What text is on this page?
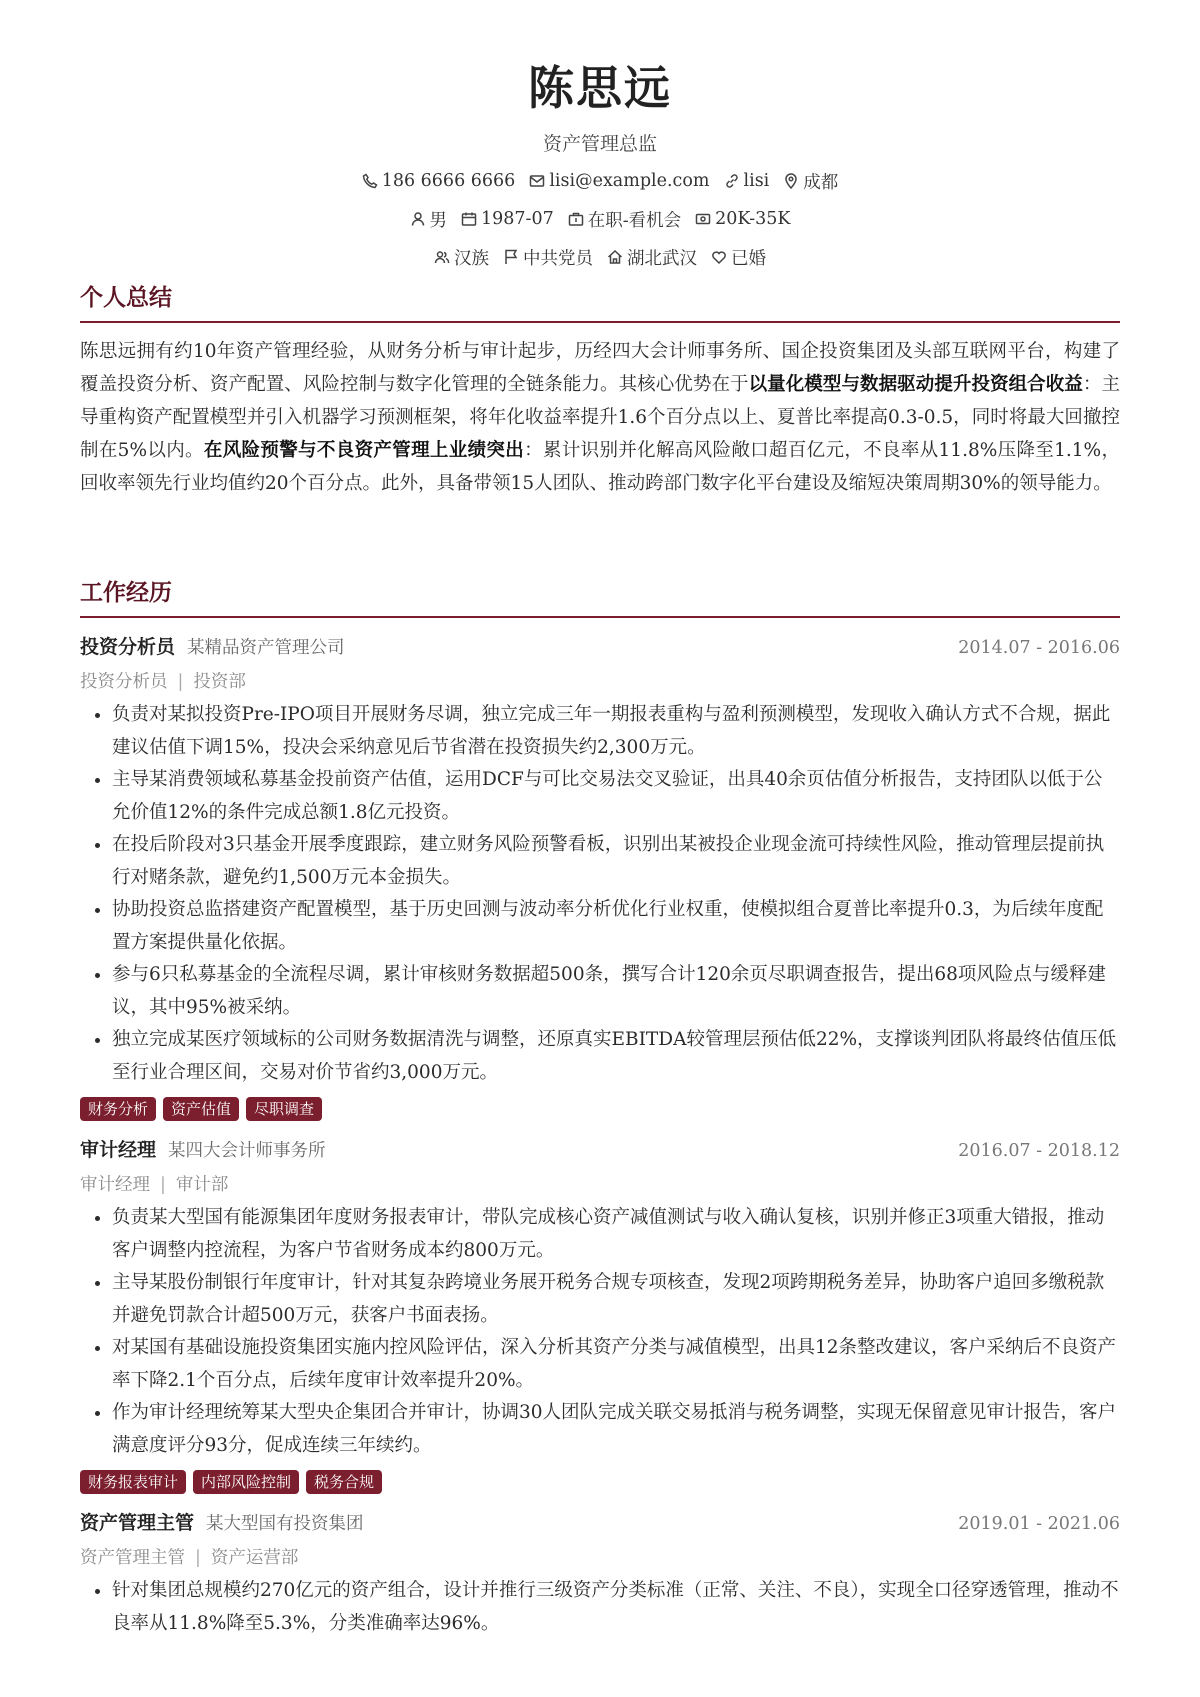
陈思远
资产管理总监
186 6666 6666 lisi@example.com lisi 成都
男 1987-07 在职-看机会 20K-35K
汉族 中共党员 湖北武汉 已婚
个人总结
陈思远拥有约10年资产管理经验，从财务分析与审计起步，历经四大会计师事务所、国企投资集团及头部互联网平台，构建了覆盖投资分析、资产配置、风险控制与数字化管理的全链条能力。其核心优势在于以量化模型与数据驱动提升投资组合收益：主导重构资产配置模型并引入机器学习预测框架，将年化收益率提升1.6个百分点以上、夏普比率提高0.3-0.5，同时将最大回撤控制在5%以内。在风险预警与不良资产管理上业绩突出：累计识别并化解高风险敞口超百亿元，不良率从11.8%压降至1.1%，回收率领先行业均值约20个百分点。此外，具备带领15人团队、推动跨部门数字化平台建设及缩短决策周期30%的领导能力。
工作经历
投资分析员 某精品资产管理公司	2014.07 - 2016.06
投资分析员 | 投资部
• 负责对某拟投资Pre-IPO项目开展财务尽调，独立完成三年一期报表重构与盈利预测模型，发现收入确认方式不合规，据此建议估值下调15%，投决会采纳意见后节省潜在投资损失约2,300万元。
• 主导某消费领域私募基金投前资产估值，运用DCF与可比交易法交叉验证，出具40余页估值分析报告，支持团队以低于公允价值12%的条件完成总额1.8亿元投资。
• 在投后阶段对3只基金开展季度跟踪，建立财务风险预警看板，识别出某被投企业现金流可持续性风险，推动管理层提前执行对赌条款，避免约1,500万元本金损失。
• 协助投资总监搭建资产配置模型，基于历史回测与波动率分析优化行业权重，使模拟组合夏普比率提升0.3，为后续年度配置方案提供量化依据。
• 参与6只私募基金的全流程尽调，累计审核财务数据超500条，撰写合计120余页尽职调查报告，提出68项风险点与缓释建议，其中95%被采纳。
• 独立完成某医疗领域标的公司财务数据清洗与调整，还原真实EBITDA较管理层预估低22%，支撑谈判团队将最终估值压低至行业合理区间，交易对价节省约3,000万元。
财务分析	资产估值	尽职调查
审计经理 某四大会计师事务所	2016.07 - 2018.12
审计经理 | 审计部
• 负责某大型国有能源集团年度财务报表审计，带队完成核心资产减值测试与收入确认复核，识别并修正3项重大错报，推动客户调整内控流程，为客户节省财务成本约800万元。
• 主导某股份制银行年度审计，针对其复杂跨境业务展开税务合规专项核查，发现2项跨期税务差异，协助客户追回多缴税款并避免罚款合计超500万元，获客户书面表扬。
• 对某国有基础设施投资集团实施内控风险评估，深入分析其资产分类与减值模型，出具12条整改建议，客户采纳后不良资产率下降2.1个百分点，后续年度审计效率提升20%。
• 作为审计经理统筹某大型央企集团合并审计，协调30人团队完成关联交易抵消与税务调整，实现无保留意见审计报告，客户满意度评分93分，促成连续三年续约。
财务报表审计	内部风险控制	税务合规
资产管理主管 某大型国有投资集团	2019.01 - 2021.06
资产管理主管 | 资产运营部
• 针对集团总规模约270亿元的资产组合，设计并推行三级资产分类标准（正常、关注、不良），实现全口径穿透管理，推动不良率从11.8%降至5.3%，分类准确率达96%。
